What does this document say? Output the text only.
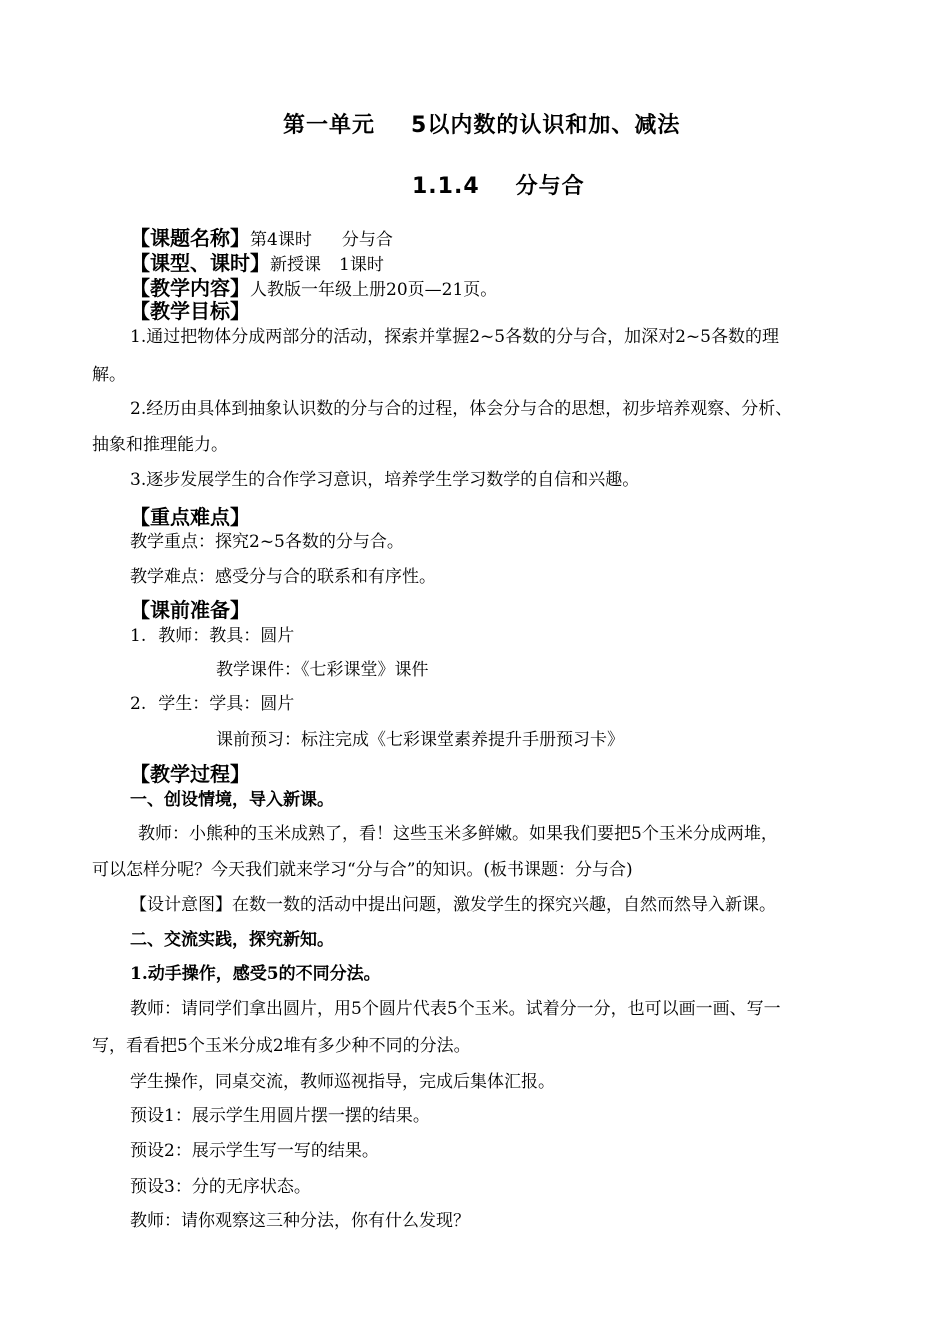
第一单元 5以内数的认识和加、减法
1.1.4 分与合
【课题名称】第4课时 分与合
【课型、课时】新授课 1课时
【教学内容】人教版一年级上册20页—21页。
【教学目标】
1.通过把物体分成两部分的活动，探索并掌握2~5各数的分与合，加深对2~5各数的理
解。
2.经历由具体到抽象认识数的分与合的过程，体会分与合的思想，初步培养观察、分析、
抽象和推理能力。
3.逐步发展学生的合作学习意识，培养学生学习数学的自信和兴趣。
【重点难点】
教学重点：探究2~5各数的分与合。
教学难点：感受分与合的联系和有序性。
【课前准备】
1. 教师：教具：圆片
教学课件：《七彩课堂》课件
2. 学生：学具：圆片
课前预习：标注完成《七彩课堂素养提升手册预习卡》
【教学过程】
一、创设情境，导入新课。
教师：小熊种的玉米成熟了，看！这些玉米多鲜嫩。如果我们要把5个玉米分成两堆，
可以怎样分呢？今天我们就来学习“分与合”的知识。(板书课题：分与合)
【设计意图】在数一数的活动中提出问题，激发学生的探究兴趣，自然而然导入新课。
二、交流实践，探究新知。
1.动手操作，感受5的不同分法。
教师：请同学们拿出圆片，用5个圆片代表5个玉米。试着分一分，也可以画一画、写一
写，看看把5个玉米分成2堆有多少种不同的分法。
学生操作，同桌交流，教师巡视指导，完成后集体汇报。
预设1：展示学生用圆片摆一摆的结果。
预设2：展示学生写一写的结果。
预设3：分的无序状态。
教师：请你观察这三种分法，你有什么发现？
